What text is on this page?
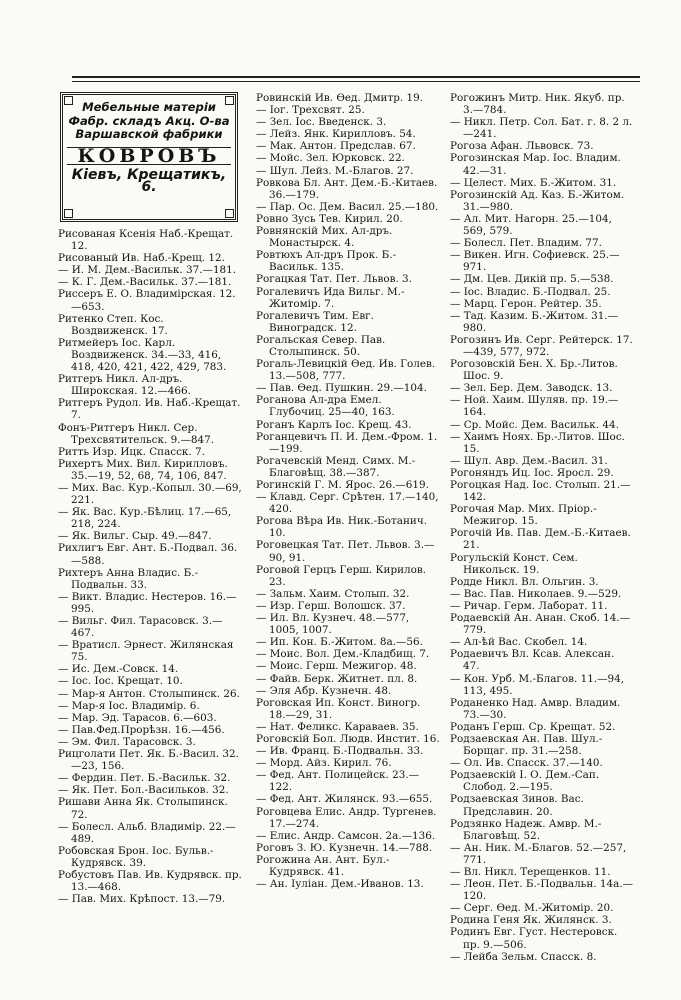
Мебельные матеріи
Фабр. складъ Акц. О-ва
Варшавской фабрики
КОВРОВЪ
Кіевъ, Крещатикъ, 6.

Рисованая Ксенія Наб.-Крещат. 12.

Рисованый Ив. Наб.-Крещ. 12.

— И. М. Дем.-Васильк. 37.—181.

— К. Г. Дем.-Васильк. 37.—181.

Риссеръ Е. О. Владимірская. 12.—653.

Ритенко Степ. Кос. Воздвиженск. 17.

Ритмейеръ Іос. Карл. Воздвиженск. 34.—33, 416, 418, 420, 421, 422, 429, 783.

Ритгеръ Никл. Ал-дръ. Широкская. 12.—466.

Ритгеръ Рудол. Ив. Наб.-Крещат. 7.

Фонъ-Ритгеръ Никл. Сер. Трехсвятительск. 9.—847.

Ритть Изр. Ицк. Спасск. 7.

Рихертъ Мих. Вил. Кирилловъ. 35.—19, 52, 68, 74, 106, 847.

— Мих. Вас. Кур.-Копыл. 30.—69, 221.

— Як. Вас. Кур.-Бѣлиц. 17.—65, 218, 224.

— Як. Вильг. Сыр. 49.—847.

Рихлигъ Евг. Ант. Б.-Подвал. 36.—588.

Рихтеръ Анна Владис. Б.-Подвальн. 33.

— Викт. Владис. Нестеров. 16.—995.

— Вильг. Фил. Тарасовск. 3.—467.

— Вратисл. Эрнест. Жилянская 75.

— Ис. Дем.-Совск. 14.

— Іос. Іос. Крещат. 10.

— Мар-я Антон. Столыпинск. 26.

— Мар-я Іос. Владимір. 6.

— Мар. Эд. Тарасов. 6.—603.

— Пав.Фед.Прорѣзн. 16.—456.

— Эм. Фил. Тарасовск. 3.

Рицголати Пет. Як. Б.-Васил. 32.—23, 156.

— Фердин. Пет. Б.-Васильк. 32.

— Як. Пет. Бол.-Васильков. 32.

Ришави Анна Як. Столыпинск. 72.

— Болесл. Альб. Владимір. 22.—489.

Робовская Брон. Іос. Бульв.-Кудрявск. 39.

Робустовъ Пав. Ив. Кудрявск. пр. 13.—468.

— Пав. Мих. Крѣпост. 13.—79.

Ровинскій Ив. Ѳед. Дмитр. 19.

— Іог. Трехсвят. 25.

— Зел. Іос. Введенск. 3.

— Лейз. Янк. Кирилловъ. 54.

— Мак. Антон. Предслав. 67.

— Мойс. Зел. Юрковск. 22.

— Шул. Лейз. М.-Благов. 27.

Ровкова Бл. Ант. Дем.-Б.-Китаев. 36.—179.

— Пар. Ос. Дем. Васил. 25.—180.

Ровно Зусь Тев. Кирил. 20.

Ровнянскій Мих. Ал-дръ. Монастырск. 4.

Ровтюхъ Ал-дръ Прок. Б.-Васильк. 135.

Рогацкая Тат. Пет. Львов. 3.

Рогалевичъ Ида Вильг. М.-Житомір. 7.

Рогалевичъ Тим. Евг. Виноградск. 12.

Рогальская Север. Пав. Столыпинск. 50.

Рогаль-Левицкій Ѳед. Ив. Голев. 13.—508, 777.

— Пав. Ѳед. Пушкин. 29.—104.

Роганова Ал-дра Емел. Глубочиц. 25—40, 163.

Роганъ Карлъ Іос. Крещ. 43.

Роганцевичъ П. И. Дем.-Фром. 1.—199.

Рогачевскій Менд. Симх. М.-Благовѣщ. 38.—387.

Рогинскій Г. М. Ярос. 26.—619.

— Клавд. Серг. Срѣтен. 17.—140, 420.

Рогова Вѣра Ив. Ник.-Ботанич. 10.

Роговецкая Тат. Пет. Львов. 3.—90, 91.

Роговой Герцъ Герш. Кирилов. 23.

— Зальм. Хаим. Столып. 32.

— Изр. Герш. Волошск. 37.

— Ил. Вл. Кузнеч. 48.—577, 1005, 1007.

— Ип. Кон. Б.-Житом. 8а.—56.

— Моис. Вол. Дем.-Кладбищ. 7.

— Моис. Герш. Межигор. 48.

— Файв. Берк. Житнет. пл. 8.

— Эля Абр. Кузнечн. 48.

Роговская Ип. Конст. Виногр. 18.—29, 31.

— Нат. Феликс. Караваев. 35.

Роговскій Бол. Людв. Инстит. 16.

— Ив. Франц. Б.-Подвальн. 33.

— Морд. Айз. Кирил. 76.

— Фед. Ант. Полицейск. 23.—122.

— Фед. Ант. Жилянск. 93.—655.

Роговцева Елис. Андр. Тургенев. 17.—274.

— Елис. Андр. Самсон. 2а.—136.

Роговъ З. Ю. Кузнечн. 14.—788.

Рогожина Ан. Ант. Бул.-Кудрявск. 41.

— Ан. Іуліан. Дем.-Иванов. 13.

Рогожинъ Митр. Ник. Якуб. пр. 3.—784.

— Никл. Петр. Сол. Бат. г. 8. 2 л.—241.

Рогоза Афан. Львовск. 73.

Рогозинская Мар. Іос. Владим. 42.—31.

— Целест. Мих. Б.-Житом. 31.

Рогозинскій Ад. Каз. Б.-Житом. 31.—980.

— Ал. Мит. Нагорн. 25.—104, 569, 579.

— Болесл. Пет. Владим. 77.

— Викен. Игн. Софиевск. 25.—971.

— Дм. Цев. Дикій пр. 5.—538.

— Іос. Владис. Б.-Подвал. 25.

— Марц. Герон. Рейтер. 35.

— Тад. Казим. Б.-Житом. 31.—980.

Рогозинъ Ив. Серг. Рейтерск. 17.—439, 577, 972.

Рогозовскій Бен. Х. Бр.-Литов. Шос. 9.

— Зел. Бер. Дем. Заводск. 13.

— Ной. Хаим. Шуляв. пр. 19.—164.

— Ср. Мойс. Дем. Васильк. 44.

— Хаимъ Ноях. Бр.-Литов. Шос. 15.

— Шул. Авр. Дем.-Васил. 31.

Рогоняндъ Иц. Іос. Яросл. 29.

Рогоцкая Над. Іос. Столып. 21.—142.

Рогочая Мар. Мих. Пріор.-Межигор. 15.

Рогочій Ив. Пав. Дем.-Б.-Китаев. 21.

Рогульскій Конст. Сем. Никольск. 19.

Родде Никл. Вл. Ольгин. 3.

— Вас. Пав. Николаев. 9.—529.

— Ричар. Герм. Лаборат. 11.

Родаевскій Ан. Анан. Скоб. 14.—779.

— Ал-ѣй Вас. Скобел. 14.

Родаевичъ Вл. Ксав. Алексан. 47.

— Кон. Урб. М.-Благов. 11.—94, 113, 495.

Роданенко Над. Амвр. Владим. 73.—30.

Роданъ Герш. Ср. Крещат. 52.

Родзаевская Ан. Пав. Шул.-Борщаг. пр. 31.—258.

— Ол. Ив. Спасск. 37.—140.

Родзаевскій І. О. Дем.-Сап. Слобод. 2.—195.

Родзаевская Зинов. Вас. Предславин. 20.

Родзянко Надеж. Амвр. М.-Благовѣщ. 52.

— Ан. Ник. М.-Благов. 52.—257, 771.

— Вл. Никл. Терещенков. 11.

— Леон. Пет. Б.-Подвальн. 14а.—120.

— Серг. Ѳед. М.-Житомір. 20.

Родина Геня Як. Жилянск. 3.

Родинъ Евг. Густ. Нестеровск. пр. 9.—506.

— Лейба Зельм. Спасск. 8.
